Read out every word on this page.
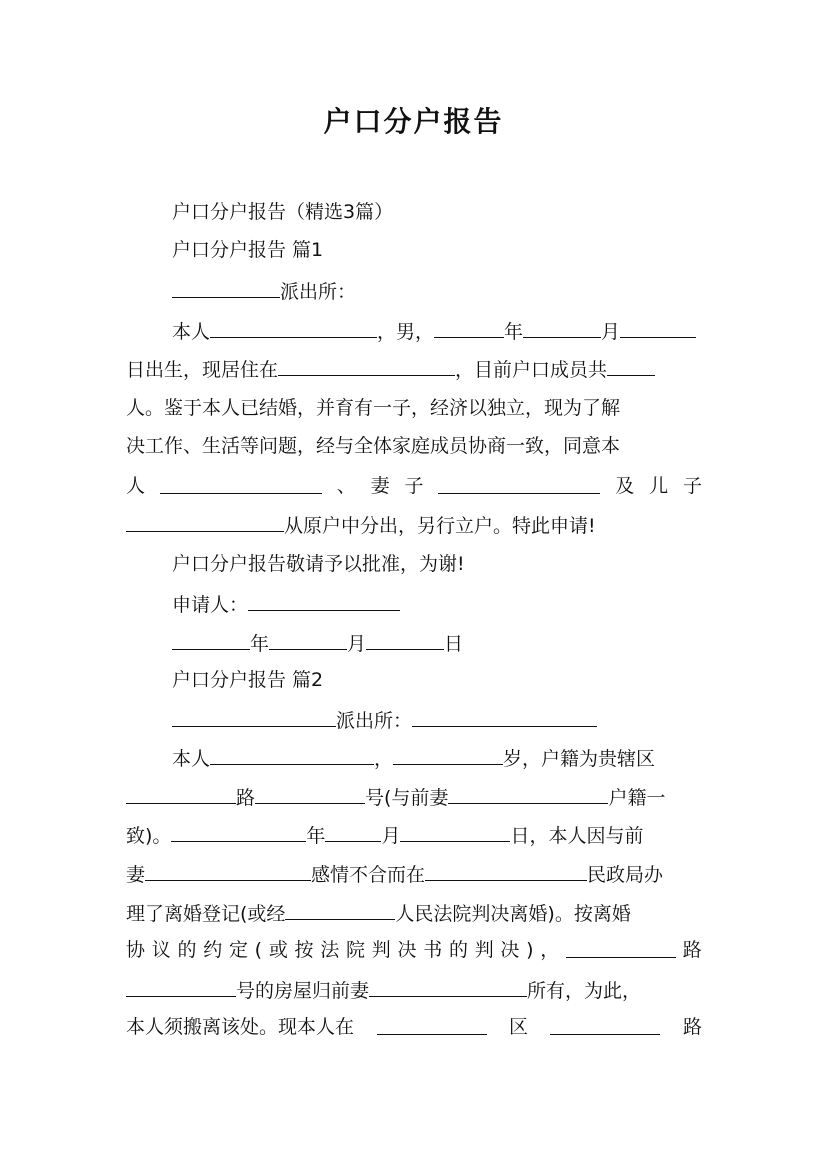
户口分户报告
户口分户报告（精选3篇）
户口分户报告 篇1
派出所：
本人	，男，	年	月
日出生，现居住在	，目前户口成员共
人。鉴于本人已结婚，并育有一子，经济以独立，现为了解
决工作、生活等问题，经与全体家庭成员协商一致，同意本
人	、 妻 子	及 儿 子
从原户中分出，另行立户。特此申请!
户口分户报告敬请予以批准，为谢!
申请人：
年	月	日
户口分户报告 篇2
派出所：
本人	，	岁，户籍为贵辖区
路	号(与前妻	户籍一
致)。	年	月	日，本人因与前
妻	感情不合而在	民政局办
理了离婚登记(或经	人民法院判决离婚)。按离婚
协 议 的 约 定 ( 或 按 法 院 判 决 书 的 判 决 ) ，	路
号的房屋归前妻	所有，为此，
本人须搬离该处。现本人在	区	路
